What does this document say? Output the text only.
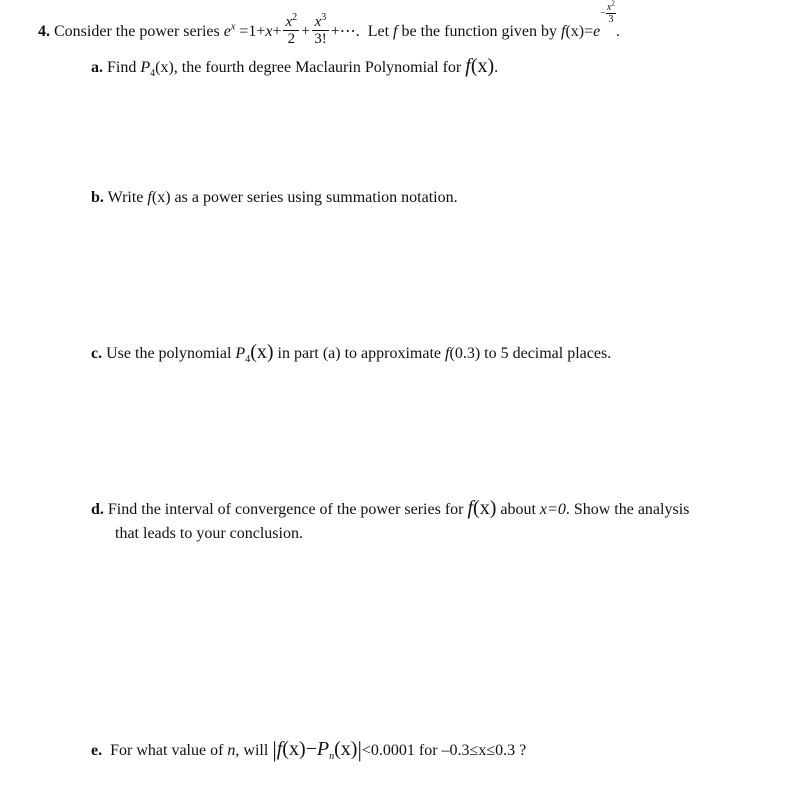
4. Consider the power series $e^x =1+x+ \frac{x^2}{2} + \frac{x^3}{3!}$ +⋯. Let f be the function given by $f(x)=e- \frac{x^2}{3}$
.
a. Find $P_4(x)$, the fourth degree Maclaurin Polynomial for f(x).
b. Write f(x) as a power series using summation notation.
c. Use the polynomial $P_4(x)$ in part (a) to approximate f(0.3) to 5 decimal places.
d. Find the interval of convergence of the power series for f(x) about x=0. Show the analysis
that leads to your conclusion.
e. For what value of n, will $|f(x)-P_n(x)|<0.0001$ for –0.3≤x≤0.3 ?
